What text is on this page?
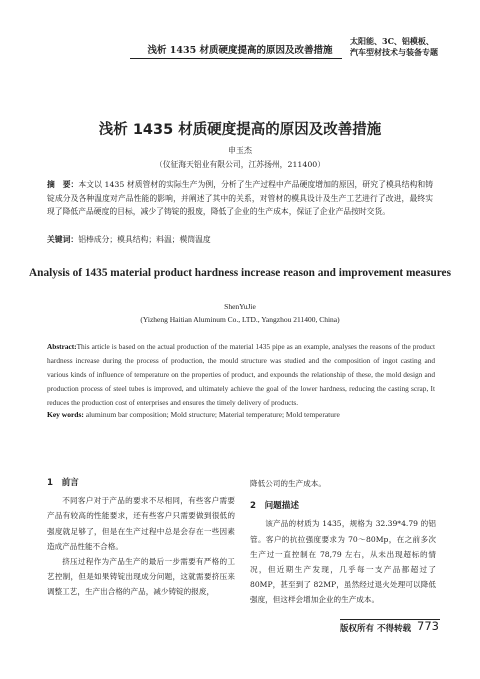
浅析 1435 材质硬度提高的原因及改善措施
太阳能、3C、铝模板、
汽车型材技术与装备专题
浅析 1435 材质硬度提高的原因及改善措施
申玉杰
（仪征海天铝业有限公司，江苏扬州，211400）
摘　要：本文以 1435 材质管材的实际生产为例，分析了生产过程中产品硬度增加的原因，研究了模具结构和铸锭成分及各种温度对产品性能的影响，并阐述了其中的关系，对管材的模具设计及生产工艺进行了改进，最终实现了降低产品硬度的目标，减少了铸锭的报废，降低了企业的生产成本，保证了企业产品按时交货。
关键词：铝棒成分；模具结构；料温；模筒温度
Analysis of 1435 material product hardness increase reason and improvement measures
ShenYuJie
(Yizheng Haitian Aluminum Co., LTD., Yangzhou 211400, China)
Abstract:This article is based on the actual production of the material 1435 pipe as an example, analyses the reasons of the product hardness increase during the process of production, the mould structure was studied and the composition of ingot casting and various kinds of influence of temperature on the properties of product, and expounds the relationship of these, the mold design and production process of steel tubes is improved, and ultimately achieve the goal of the lower hardness, reducing the casting scrap, It reduces the production cost of enterprises and ensures the timely delivery of products.
Key words: aluminum bar composition; Mold structure; Material temperature; Mold temperature
1　前言

不同客户对于产品的要求不尽相同，有些客户需要产品有较高的性能要求，还有些客户只需要做到很低的强度就足够了，但是在生产过程中总是会存在一些因素造成产品性能不合格。

挤压过程作为产品生产的最后一步需要有严格的工艺控制，但是如果铸锭出现成分问题，这就需要挤压来调整工艺，生产出合格的产品，减少铸锭的报废，

降低公司的生产成本。

2　问题描述

该产品的材质为 1435，规格为 32.39*4.79 的铝管。客户的抗拉强度要求为 70～80Mp，在之前多次生产过一直控制在 78,79 左右，从未出现超标的情况，但近期生产发现，几乎每一支产品都超过了 80MP，甚至到了 82MP，虽然经过退火处理可以降低强度，但这样会增加企业的生产成本。

版权所有 不得转载 773
